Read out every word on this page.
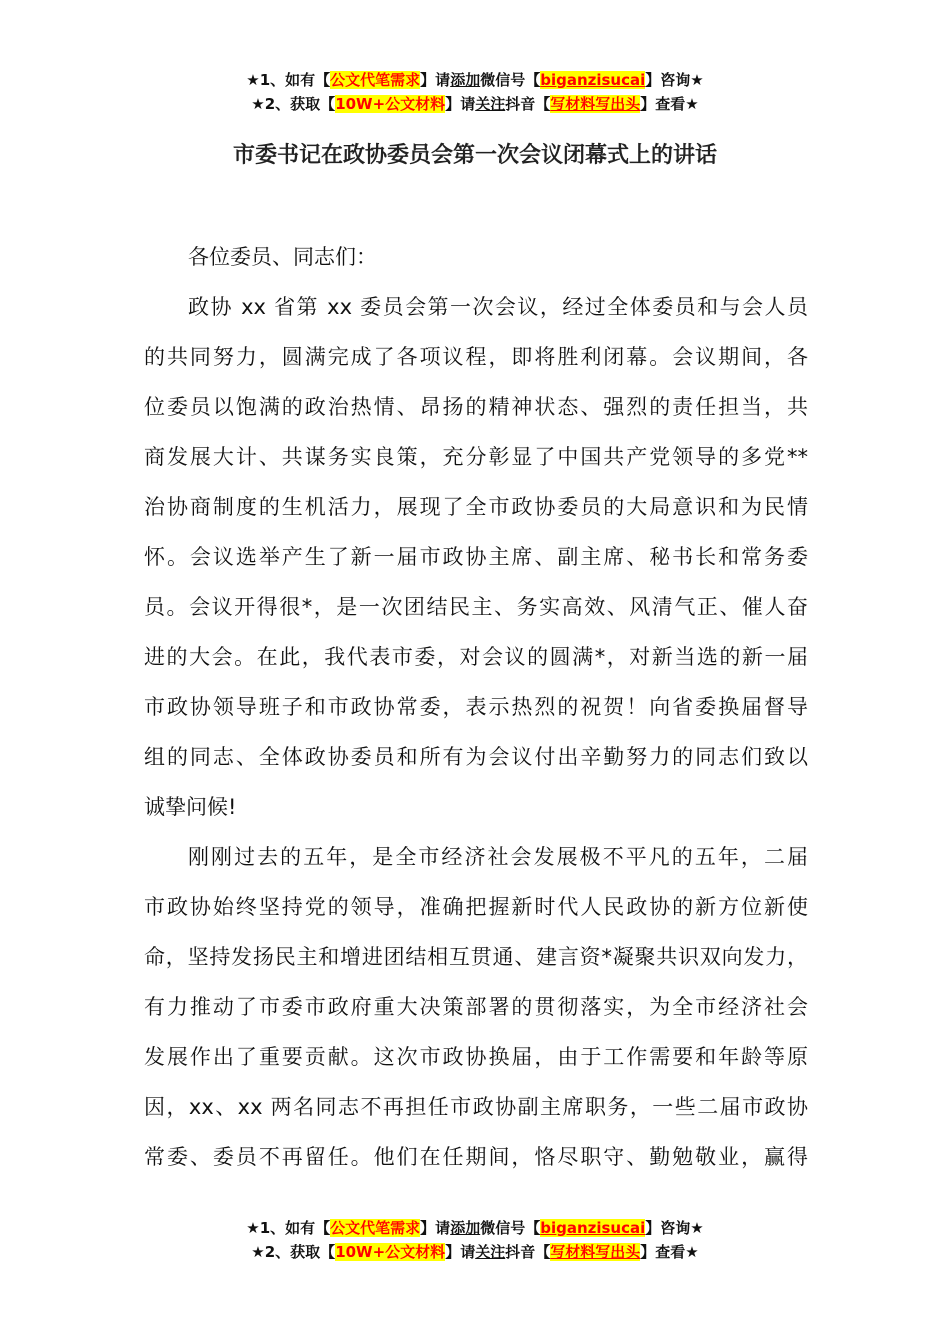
★1、如有【公文代笔需求】请添加微信号【biganzisucai】咨询★
★2、获取【10W+公文材料】请关注抖音【写材料写出头】查看★
市委书记在政协委员会第一次会议闭幕式上的讲话
各位委员、同志们：
政协 xx 省第 xx 委员会第一次会议，经过全体委员和与会人员
的共同努力，圆满完成了各项议程，即将胜利闭幕。会议期间，各
位委员以饱满的政治热情、昂扬的精神状态、强烈的责任担当，共
商发展大计、共谋务实良策，充分彰显了中国共产党领导的多党**
治协商制度的生机活力，展现了全市政协委员的大局意识和为民情
怀。会议选举产生了新一届市政协主席、副主席、秘书长和常务委
员。会议开得很*，是一次团结民主、务实高效、风清气正、催人奋
进的大会。在此，我代表市委，对会议的圆满*，对新当选的新一届
市政协领导班子和市政协常委，表示热烈的祝贺！向省委换届督导
组的同志、全体政协委员和所有为会议付出辛勤努力的同志们致以
诚挚问候!
刚刚过去的五年，是全市经济社会发展极不平凡的五年，二届
市政协始终坚持党的领导，准确把握新时代人民政协的新方位新使
命，坚持发扬民主和增进团结相互贯通、建言资*凝聚共识双向发力，
有力推动了市委市政府重大决策部署的贯彻落实，为全市经济社会
发展作出了重要贡献。这次市政协换届，由于工作需要和年龄等原
因，xx、xx 两名同志不再担任市政协副主席职务，一些二届市政协
常委、委员不再留任。他们在任期间，恪尽职守、勤勉敬业，赢得
★1、如有【公文代笔需求】请添加微信号【biganzisucai】咨询★
★2、获取【10W+公文材料】请关注抖音【写材料写出头】查看★
